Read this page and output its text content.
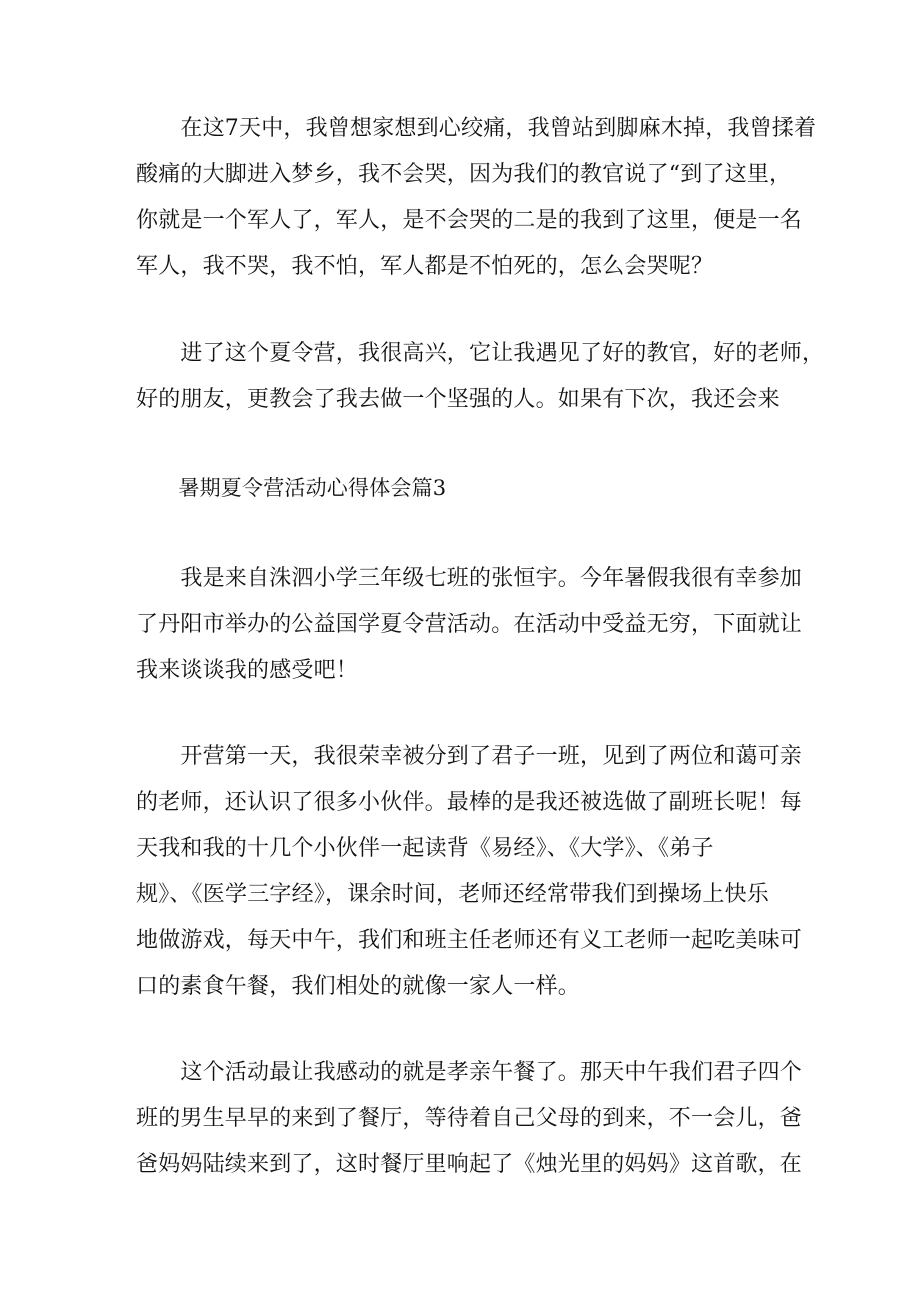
　　在这7天中，我曾想家想到心绞痛，我曾站到脚麻木掉，我曾揉着
酸痛的大脚进入梦乡，我不会哭，因为我们的教官说了“到了这里，
你就是一个军人了，军人，是不会哭的二是的我到了这里，便是一名
军人，我不哭，我不怕，军人都是不怕死的，怎么会哭呢？
　　进了这个夏令营，我很高兴，它让我遇见了好的教官，好的老师，
好的朋友，更教会了我去做一个坚强的人。如果有下次，我还会来
　　暑期夏令营活动心得体会篇3
　　我是来自洙泗小学三年级七班的张恒宇。今年暑假我很有幸参加
了丹阳市举办的公益国学夏令营活动。在活动中受益无穷，下面就让
我来谈谈我的感受吧！
　　开营第一天，我很荣幸被分到了君子一班，见到了两位和蔼可亲
的老师，还认识了很多小伙伴。最棒的是我还被选做了副班长呢！每
天我和我的十几个小伙伴一起读背《易经》、《大学》、《弟子
规》、《医学三字经》，课余时间，老师还经常带我们到操场上快乐
地做游戏，每天中午，我们和班主任老师还有义工老师一起吃美味可
口的素食午餐，我们相处的就像一家人一样。
　　这个活动最让我感动的就是孝亲午餐了。那天中午我们君子四个
班的男生早早的来到了餐厅，等待着自己父母的到来，不一会儿，爸
爸妈妈陆续来到了，这时餐厅里响起了《烛光里的妈妈》这首歌，在
